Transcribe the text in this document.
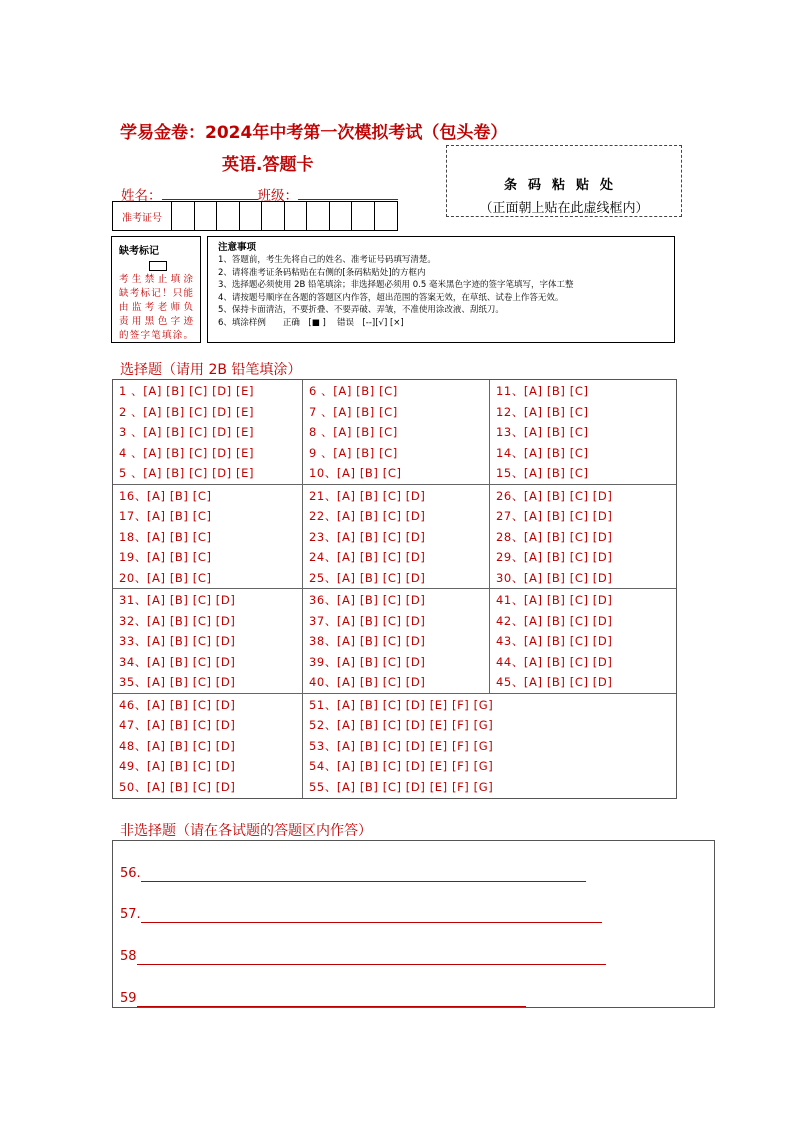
学易金卷：2024年中考第一次模拟考试（包头卷）
英语.答题卡
条码粘贴处
（正面朝上贴在此虚线框内）
姓名：	班级：
准考证号
缺考标记
考生禁止填涂
缺考标记！只能
由监考老师负
责用黑色字迹
的签字笔填涂。
注意事项
1、答题前，考生先将自己的姓名、准考证号码填写清楚。
2、请将准考证条码粘贴在右侧的[条码粘贴处]的方框内
3、选择题必须使用 2B 铅笔填涂；非选择题必须用 0.5 毫米黑色字迹的签字笔填写，字体工整
4、请按题号顺序在各题的答题区内作答，超出范围的答案无效，在草纸、试卷上作答无效。
5、保持卡面清洁，不要折叠、不要弄破、弄皱，不准使用涂改液、刮纸刀。
6、填涂样例　　正确　[■ ]　 错误　[--][√] [×]
选择题（请用 2B 铅笔填涂）
1 、[A] [B] [C] [D] [E]
2 、[A] [B] [C] [D] [E]
3 、[A] [B] [C] [D] [E]
4 、[A] [B] [C] [D] [E]
5 、[A] [B] [C] [D] [E]
6 、[A] [B] [C]
7 、[A] [B] [C]
8 、[A] [B] [C]
9 、[A] [B] [C]
10、[A] [B] [C]
11、[A] [B] [C]
12、[A] [B] [C]
13、[A] [B] [C]
14、[A] [B] [C]
15、[A] [B] [C]
16、[A] [B] [C]
17、[A] [B] [C]
18、[A] [B] [C]
19、[A] [B] [C]
20、[A] [B] [C]
21、[A] [B] [C] [D]
22、[A] [B] [C] [D]
23、[A] [B] [C] [D]
24、[A] [B] [C] [D]
25、[A] [B] [C] [D]
26、[A] [B] [C] [D]
27、[A] [B] [C] [D]
28、[A] [B] [C] [D]
29、[A] [B] [C] [D]
30、[A] [B] [C] [D]
31、[A] [B] [C] [D]
32、[A] [B] [C] [D]
33、[A] [B] [C] [D]
34、[A] [B] [C] [D]
35、[A] [B] [C] [D]
36、[A] [B] [C] [D]
37、[A] [B] [C] [D]
38、[A] [B] [C] [D]
39、[A] [B] [C] [D]
40、[A] [B] [C] [D]
41、[A] [B] [C] [D]
42、[A] [B] [C] [D]
43、[A] [B] [C] [D]
44、[A] [B] [C] [D]
45、[A] [B] [C] [D]
46、[A] [B] [C] [D]
47、[A] [B] [C] [D]
48、[A] [B] [C] [D]
49、[A] [B] [C] [D]
50、[A] [B] [C] [D]
51、[A] [B] [C] [D] [E] [F] [G]
52、[A] [B] [C] [D] [E] [F] [G]
53、[A] [B] [C] [D] [E] [F] [G]
54、[A] [B] [C] [D] [E] [F] [G]
55、[A] [B] [C] [D] [E] [F] [G]
非选择题（请在各试题的答题区内作答）
56.
57.
58
59
